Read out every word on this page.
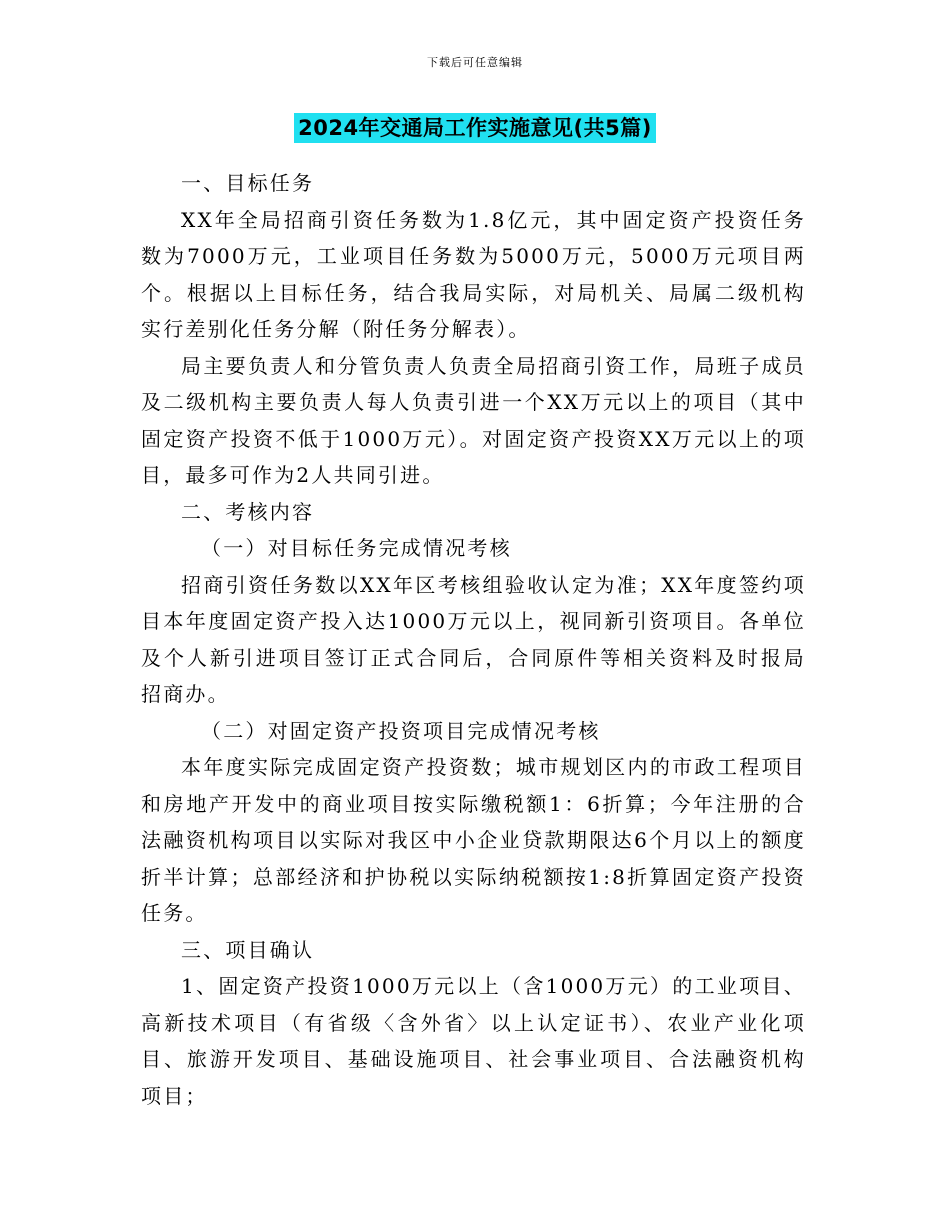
下载后可任意编辑
2024年交通局工作实施意见(共5篇)

一、目标任务

XX年全局招商引资任务数为1.8亿元，其中固定资产投资任务数为7000万元，工业项目任务数为5000万元，5000万元项目两个。根据以上目标任务，结合我局实际，对局机关、局属二级机构实行差别化任务分解（附任务分解表）。

局主要负责人和分管负责人负责全局招商引资工作，局班子成员及二级机构主要负责人每人负责引进一个XX万元以上的项目（其中固定资产投资不低于1000万元）。对固定资产投资XX万元以上的项目，最多可作为2人共同引进。

二、考核内容

（一）对目标任务完成情况考核

招商引资任务数以XX年区考核组验收认定为准；XX年度签约项目本年度固定资产投入达1000万元以上，视同新引资项目。各单位及个人新引进项目签订正式合同后，合同原件等相关资料及时报局招商办。

（二）对固定资产投资项目完成情况考核

本年度实际完成固定资产投资数；城市规划区内的市政工程项目和房地产开发中的商业项目按实际缴税额1：6折算；今年注册的合法融资机构项目以实际对我区中小企业贷款期限达6个月以上的额度折半计算；总部经济和护协税以实际纳税额按1:8折算固定资产投资任务。

三、项目确认

1、固定资产投资1000万元以上（含1000万元）的工业项目、高新技术项目（有省级〈含外省〉以上认定证书）、农业产业化项目、旅游开发项目、基础设施项目、社会事业项目、合法融资机构项目；
